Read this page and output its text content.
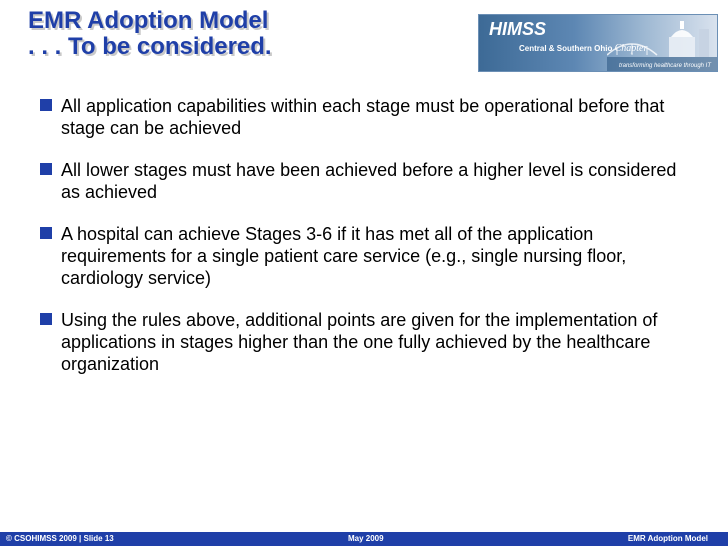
EMR Adoption Model
. . . To be considered.
HIMSS
Central & Southern Ohio Chapter
transforming healthcare through IT
All application capabilities within each stage must be operational before that stage can be achieved
All lower stages must have been achieved before a higher level is considered as achieved
A hospital can achieve Stages 3-6 if it has met all of the application requirements for a single patient care service (e.g., single nursing floor, cardiology service)
Using the rules above, additional points are given for the implementation of applications in stages higher than the one fully achieved by the healthcare organization
© CSOHIMSS 2009 | Slide 13	May 2009	EMR Adoption Model
